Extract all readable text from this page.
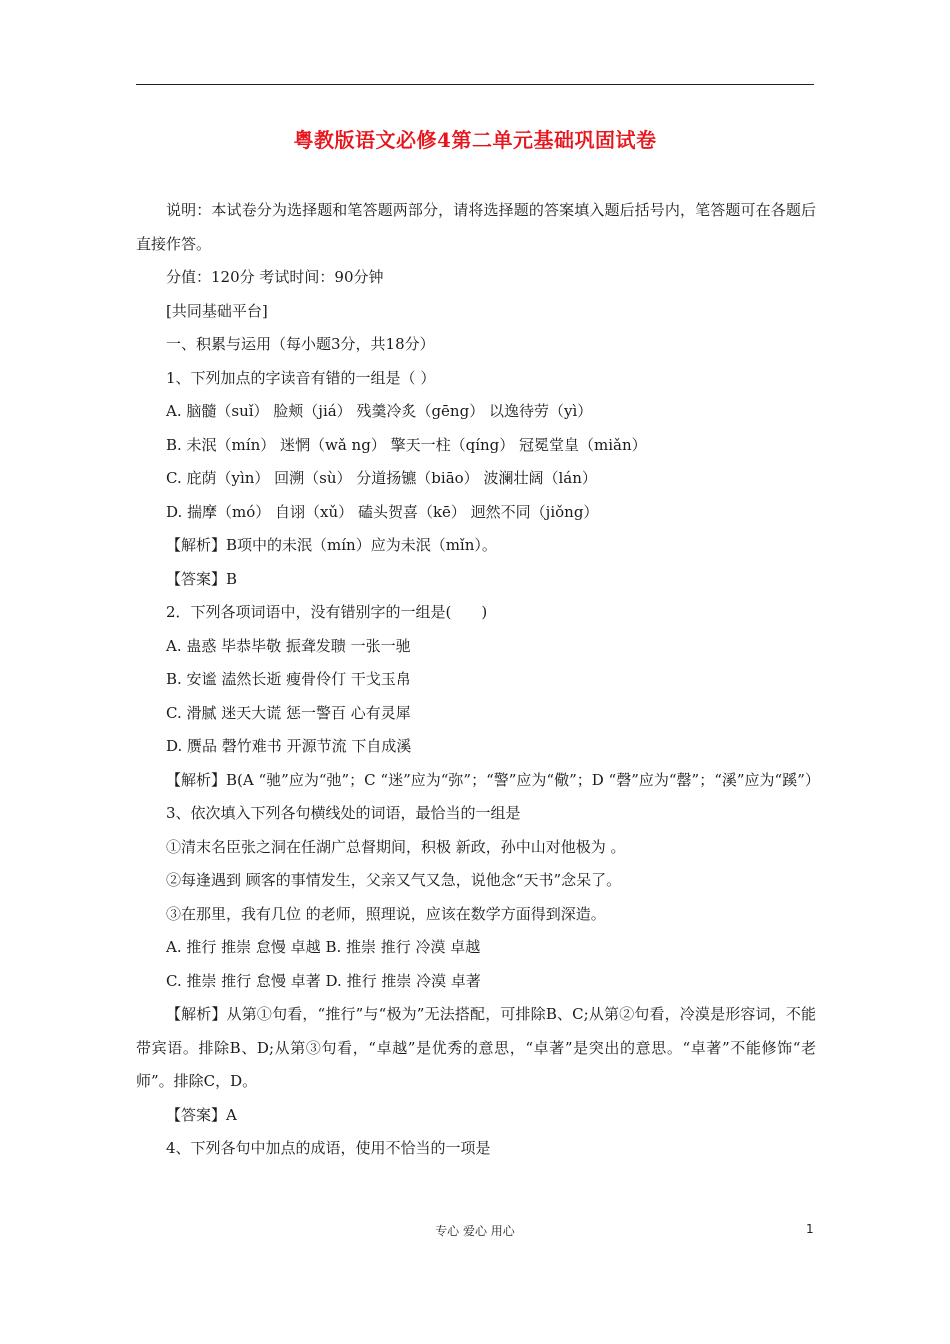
粤教版语文必修4第二单元基础巩固试卷

说明：本试卷分为选择题和笔答题两部分，请将选择题的答案填入题后括号内，笔答题可在各题后直接作答。

分值：120分 考试时间：90分钟

[共同基础平台]

一、积累与运用（每小题3分，共18分）

1、下列加点的字读音有错的一组是（ ）

A. 脑髓（suǐ） 脸颊（jiá） 残羹冷炙（gēng） 以逸待劳（yì）

B. 未泯（mín） 迷惘（wǎ ng） 擎天一柱（qíng） 冠冕堂皇（miǎn）

C. 庇荫（yìn） 回溯（sù） 分道扬镳（biāo） 波澜壮阔（lán）

D. 揣摩（mó） 自诩（xǔ） 磕头贺喜（kē） 迥然不同（jiǒng）

【解析】B项中的未泯（mín）应为未泯（mǐn）。

【答案】B

2．下列各项词语中，没有错别字的一组是(　　)

A. 蛊惑 毕恭毕敬 振聋发聩 一张一驰

B. 安谧 溘然长逝 瘦骨伶仃 干戈玉帛

C. 滑腻 迷天大谎 惩一警百 心有灵犀

D. 赝品 磬竹难书 开源节流 下自成溪

【解析】B(A “驰”应为“弛”；C “迷”应为“弥”；“警”应为“儆”；D “磬”应为“罄”；“溪”应为“蹊”）

3、依次填入下列各句横线处的词语，最恰当的一组是

①清末名臣张之洞在任湖广总督期间，积极 新政，孙中山对他极为 。

②每逢遇到 顾客的事情发生，父亲又气又急，说他念“天书”念呆了。

③在那里，我有几位 的老师，照理说，应该在数学方面得到深造。

A. 推行 推崇 怠慢 卓越 B. 推崇 推行 冷漠 卓越

C. 推崇 推行 怠慢 卓著 D. 推行 推崇 冷漠 卓著

【解析】从第①句看，“推行”与“极为”无法搭配，可排除B、C;从第②句看，冷漠是形容词，不能带宾语。排除B、D;从第③句看，“卓越”是优秀的意思，“卓著”是突出的意思。“卓著”不能修饰“老师”。排除C，D。

【答案】A

4、下列各句中加点的成语，使用不恰当的一项是

专心 爱心 用心	1
